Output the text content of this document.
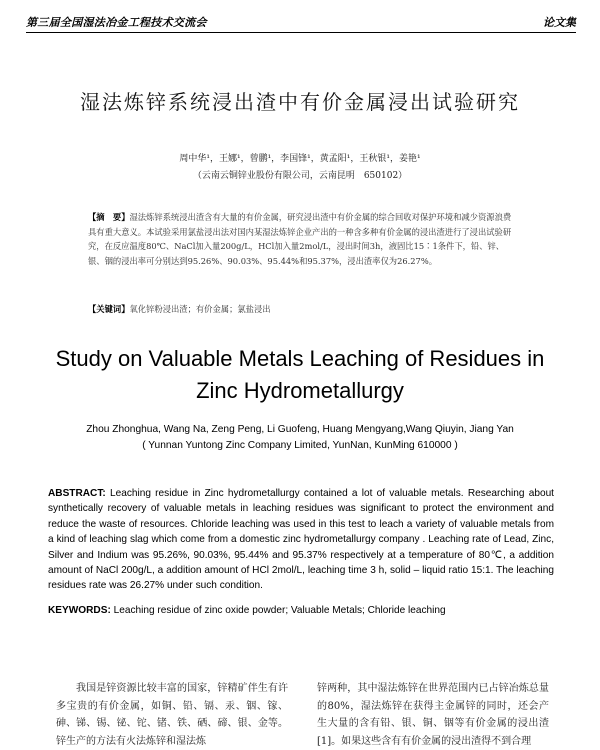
第三届全国湿法冶金工程技术交流会	论文集
湿法炼锌系统浸出渣中有价金属浸出试验研究
周中华¹，王娜¹，曾鹏¹，李国锋¹，黄孟阳¹，王秋银¹，姜艳¹
（云南云铜锌业股份有限公司，云南昆明　650102）
【摘　要】湿法炼锌系统浸出渣含有大量的有价金属，研究浸出渣中有价金属的综合回收对保护环境和减少资源浪费具有重大意义。本试验采用氯盐浸出法对国内某湿法炼锌企业产出的一种含多种有价金属的浸出渣进行了浸出试验研究，在反应温度80℃、NaCl加入量200g/L，HCl加入量2mol/L，浸出时间3h，液固比15∶1条件下，铅、锌、银、铟的浸出率可分别达到95.26%、90.03%、95.44%和95.37%，浸出渣率仅为26.27%。
【关键词】氧化锌粉浸出渣；有价金属；氯盐浸出
Study on Valuable Metals Leaching of Residues in Zinc Hydrometallurgy
Zhou Zhonghua, Wang Na, Zeng Peng, Li Guofeng, Huang Mengyang,Wang Qiuyin, Jiang Yan
( Yunnan Yuntong Zinc Company Limited, YunNan, KunMing 610000 )
ABSTRACT: Leaching residue in Zinc hydrometallurgy contained a lot of valuable metals. Researching about synthetically recovery of valuable metals in leaching residues was significant to protect the environment and reduce the waste of resources. Chloride leaching was used in this test to leach a variety of valuable metals from a kind of leaching slag which come from a domestic zinc hydrometallurgy company . Leaching rate of Lead, Zinc, Silver and Indium was 95.26%, 90.03%, 95.44% and 95.37% respectively at a temperature of 80℃, a addition amount of NaCl 200g/L, a addition amount of HCl 2mol/L, leaching time 3 h, solid – liquid ratio 15:1. The leaching residues rate was 26.27% under such condition.
KEYWORDS: Leaching residue of zinc oxide powder; Valuable Metals; Chloride leaching
我国是锌资源比较丰富的国家，锌精矿伴生有许多宝贵的有价金属，如铜、铅、镉、汞、铟、镓、砷、锑、锡、铋、铊、锗、铁、硒、碲、银、金等。锌生产的方法有火法炼锌和湿法炼
锌两种，其中湿法炼锌在世界范围内已占锌冶炼总量的80%，湿法炼锌在获得主金属锌的同时，还会产生大量的含有铅、银、铜、铟等有价金属的浸出渣[1]。如果这些含有有价金属的浸出渣得不到合理
